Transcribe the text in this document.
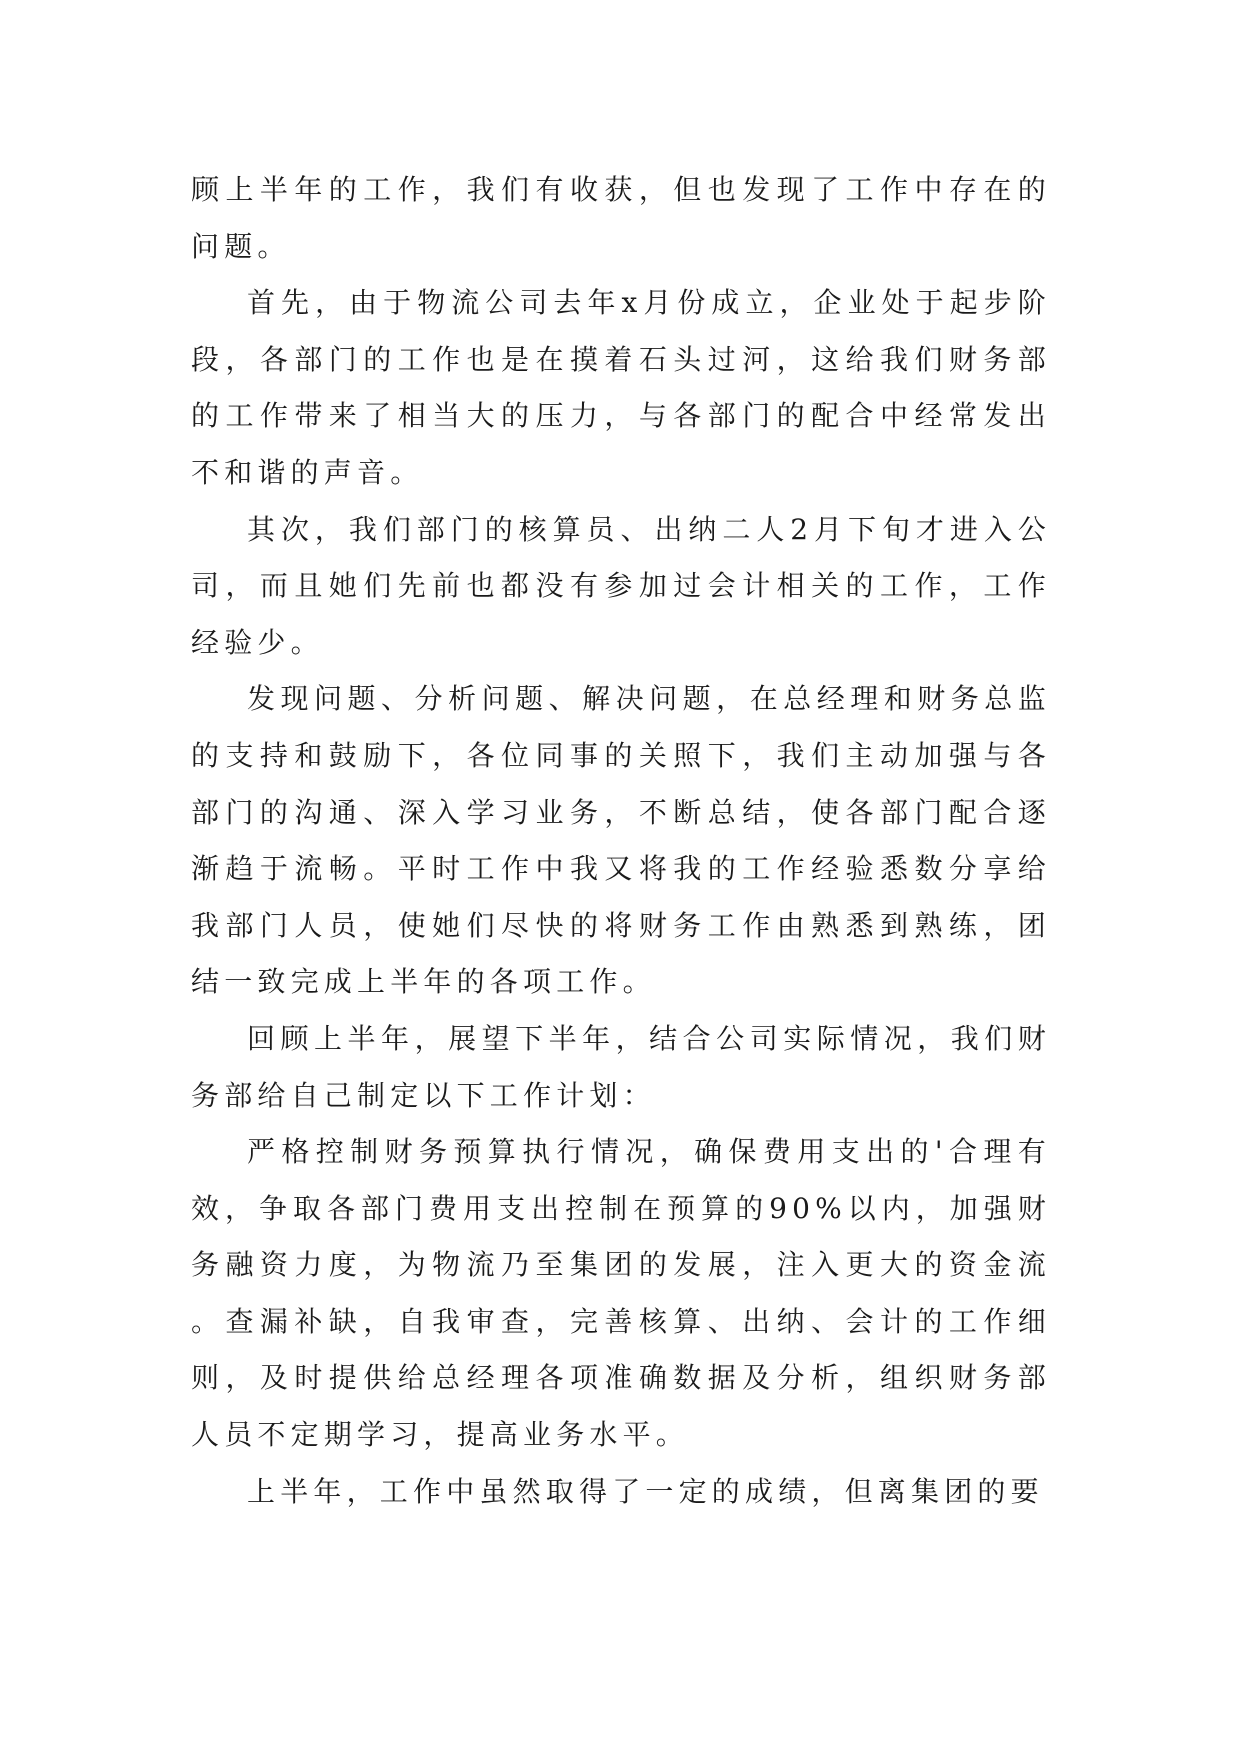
顾上半年的工作，我们有收获，但也发现了工作中存在的问题。

首先，由于物流公司去年x月份成立，企业处于起步阶段，各部门的工作也是在摸着石头过河，这给我们财务部的工作带来了相当大的压力，与各部门的配合中经常发出不和谐的声音。

其次，我们部门的核算员、出纳二人2月下旬才进入公司，而且她们先前也都没有参加过会计相关的工作，工作经验少。

发现问题、分析问题、解决问题，在总经理和财务总监的支持和鼓励下，各位同事的关照下，我们主动加强与各部门的沟通、深入学习业务，不断总结，使各部门配合逐渐趋于流畅。平时工作中我又将我的工作经验悉数分享给我部门人员，使她们尽快的将财务工作由熟悉到熟练，团结一致完成上半年的各项工作。

回顾上半年，展望下半年，结合公司实际情况，我们财务部给自己制定以下工作计划：

严格控制财务预算执行情况，确保费用支出的'合理有效，争取各部门费用支出控制在预算的90%以内，加强财务融资力度，为物流乃至集团的发展，注入更大的资金流。查漏补缺，自我审查，完善核算、出纳、会计的工作细则，及时提供给总经理各项准确数据及分析，组织财务部人员不定期学习，提高业务水平。

上半年，工作中虽然取得了一定的成绩，但离集团的要
